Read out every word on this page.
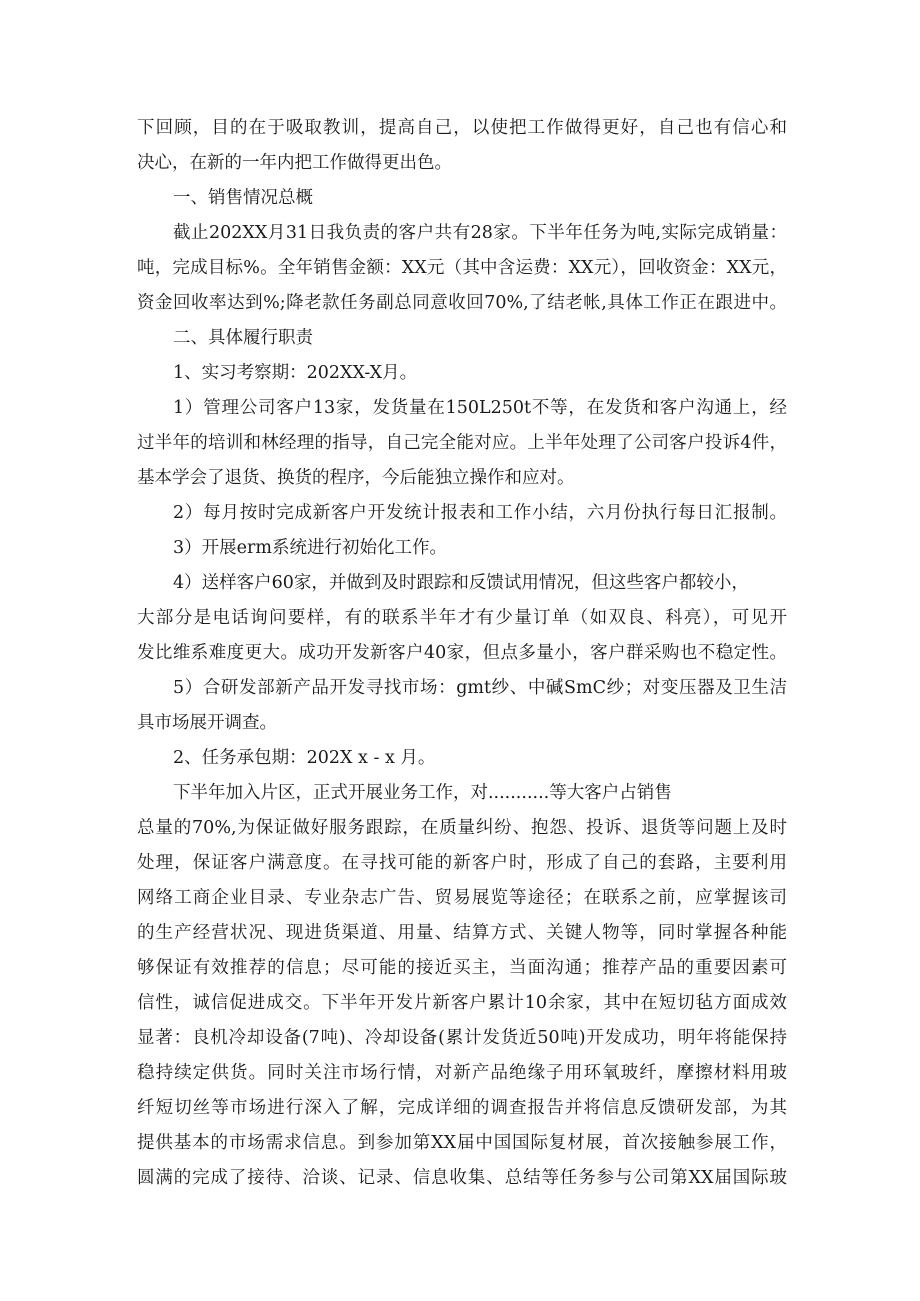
下回顾，目的在于吸取教训，提高自己，以使把工作做得更好，自己也有信心和
决心，在新的一年内把工作做得更出色。
一、销售情况总概
截止202XX月31日我负责的客户共有28家。下半年任务为吨,实际完成销量：
吨，完成目标%。全年销售金额：XX元（其中含运费：XX元），回收资金：XX元，
资金回收率达到%;降老款任务副总同意收回70%,了结老帐,具体工作正在跟进中。
二、具体履行职责
1、实习考察期：202XX-X月。
1）管理公司客户13家，发货量在150L250t不等，在发货和客户沟通上，经
过半年的培训和林经理的指导，自己完全能对应。上半年处理了公司客户投诉4件，
基本学会了退货、换货的程序，今后能独立操作和应对。
2）每月按时完成新客户开发统计报表和工作小结，六月份执行每日汇报制。
3）开展erm系统进行初始化工作。
4）送样客户60家，并做到及时跟踪和反馈试用情况，但这些客户都较小，
大部分是电话询问要样，有的联系半年才有少量订单（如双良、科亮），可见开
发比维系难度更大。成功开发新客户40家，但点多量小，客户群采购也不稳定性。
5）合研发部新产品开发寻找市场：gmt纱、中碱SmC纱；对变压器及卫生洁
具市场展开调查。
2、任务承包期：202X x - x 月。
下半年加入片区，正式开展业务工作，对...........等大客户占销售
总量的70%,为保证做好服务跟踪，在质量纠纷、抱怨、投诉、退货等问题上及时
处理，保证客户满意度。在寻找可能的新客户时，形成了自己的套路，主要利用
网络工商企业目录、专业杂志广告、贸易展览等途径；在联系之前，应掌握该司
的生产经营状况、现进货渠道、用量、结算方式、关键人物等，同时掌握各种能
够保证有效推荐的信息；尽可能的接近买主，当面沟通；推荐产品的重要因素可
信性，诚信促进成交。下半年开发片新客户累计10余家，其中在短切毡方面成效
显著：良机冷却设备(7吨)、冷却设备(累计发货近50吨)开发成功，明年将能保持
稳持续定供货。同时关注市场行情，对新产品绝缘子用环氧玻纤，摩擦材料用玻
纤短切丝等市场进行深入了解，完成详细的调查报告并将信息反馈研发部，为其
提供基本的市场需求信息。到参加第XX届中国国际复材展，首次接触参展工作，
圆满的完成了接待、洽谈、记录、信息收集、总结等任务参与公司第XX届国际玻
